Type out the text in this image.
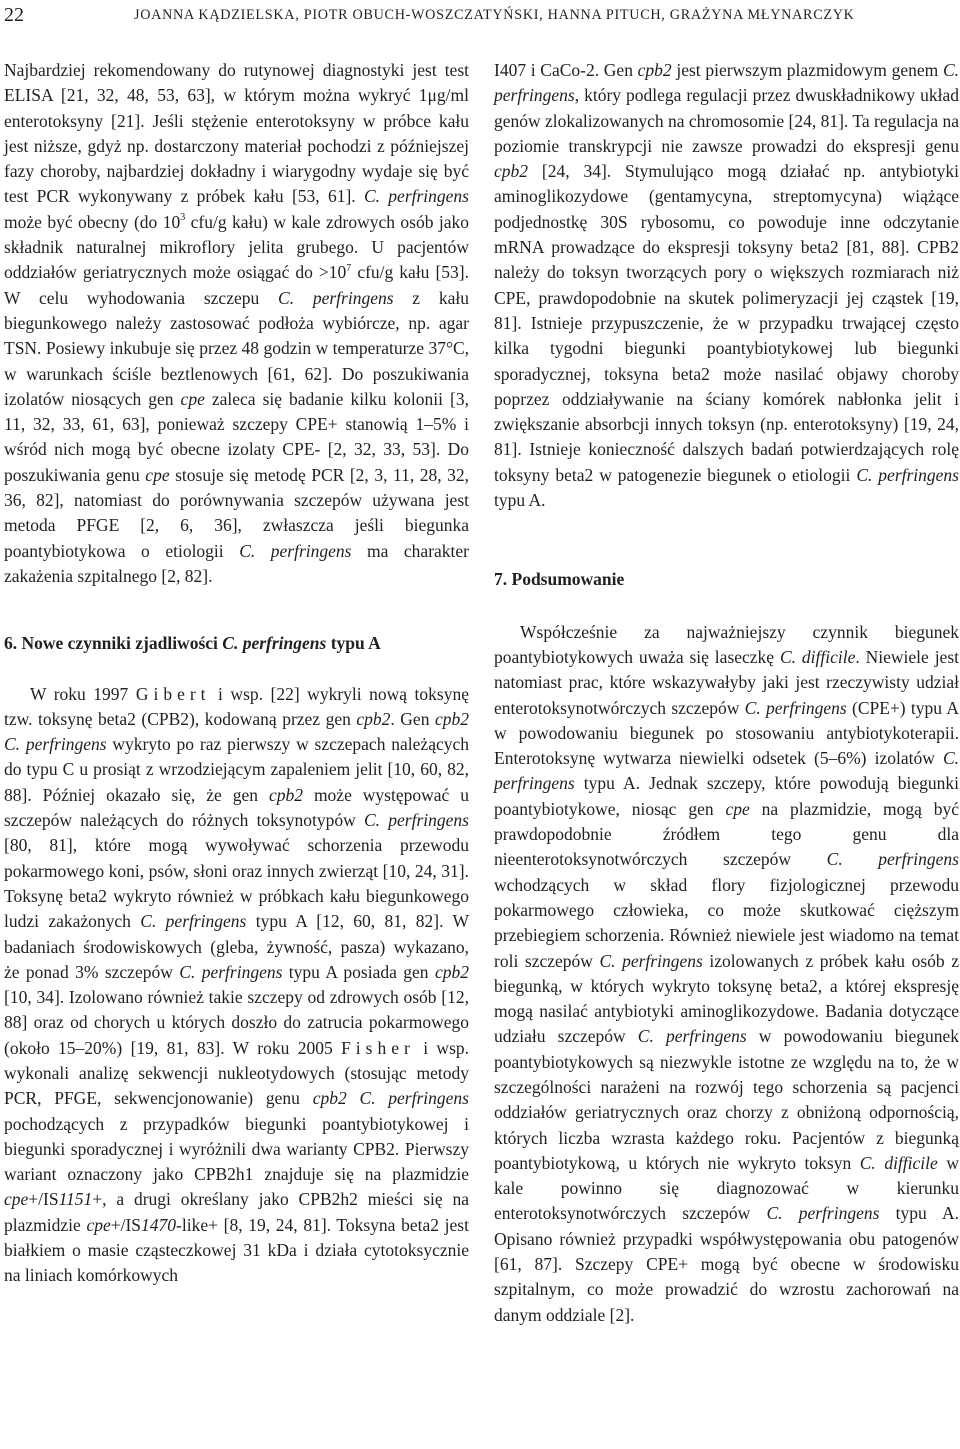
22	JOANNA KĄDZIELSKA, PIOTR OBUCH-WOSZCZATYŃSKI, HANNA PITUCH, GRAŻYNA MŁYNARCZYK

Najbardziej rekomendowany do rutynowej diagnostyki jest test ELISA [21, 32, 48, 53, 63], w którym można wykryć 1μg/ml enterotoksyny [21]. Jeśli stężenie enterotoksyny w próbce kału jest niższe, gdyż np. dostarczony materiał pochodzi z późniejszej fazy choroby, najbardziej dokładny i wiarygodny wydaje się być test PCR wykonywany z próbek kału [53, 61]. C. perfringens może być obecny (do $10^3$ cfu/g kału) w kale zdrowych osób jako składnik naturalnej mikroflory jelita grubego. U pacjentów oddziałów geriatrycznych może osiągać do $>10^7$ cfu/g kału [53]. W celu wyhodowania szczepu C. perfringens z kału biegunkowego należy zastosować podłoża wybiórcze, np. agar TSN. Posiewy inkubuje się przez 48 godzin w temperaturze 37°C, w warunkach ściśle beztlenowych [61, 62]. Do poszukiwania izolatów niosących gen cpe zaleca się badanie kilku kolonii [3, 11, 32, 33, 61, 63], ponieważ szczepy CPE+ stanowią 1–5% i wśród nich mogą być obecne izolaty CPE- [2, 32, 33, 53]. Do poszukiwania genu cpe stosuje się metodę PCR [2, 3, 11, 28, 32, 36, 82], natomiast do porównywania szczepów używana jest metoda PFGE [2, 6, 36], zwłaszcza jeśli biegunka poantybiotykowa o etiologii C. perfringens ma charakter zakażenia szpitalnego [2, 82].

6. Nowe czynniki zjadliwości C. perfringens typu A

W roku 1997 Gibert i wsp. [22] wykryli nową toksynę tzw. toksynę beta2 (CPB2), kodowaną przez gen cpb2. Gen cpb2 C. perfringens wykryto po raz pierwszy w szczepach należących do typu C u prosiąt z wrzodziejącym zapaleniem jelit [10, 60, 82, 88]. Później okazało się, że gen cpb2 może występować u szczepów należących do różnych toksynotypów C. perfringens [80, 81], które mogą wywoływać schorzenia przewodu pokarmowego koni, psów, słoni oraz innych zwierząt [10, 24, 31]. Toksynę beta2 wykryto również w próbkach kału biegunkowego ludzi zakażonych C. perfringens typu A [12, 60, 81, 82]. W badaniach środowiskowych (gleba, żywność, pasza) wykazano, że ponad 3% szczepów C. perfringens typu A posiada gen cpb2 [10, 34]. Izolowano również takie szczepy od zdrowych osób [12, 88] oraz od chorych u których doszło do zatrucia pokarmowego (około 15–20%) [19, 81, 83]. W roku 2005 Fisher i wsp. wykonali analizę sekwencji nukleotydowych (stosując metody PCR, PFGE, sekwencjonowanie) genu cpb2 C. perfringens pochodzących z przypadków biegunki poantybiotykowej i biegunki sporadycznej i wyróżnili dwa warianty CPB2. Pierwszy wariant oznaczony jako CPB2h1 znajduje się na plazmidzie cpe+/IS1151+, a drugi określany jako CPB2h2 mieści się na plazmidzie cpe+/IS1470-like+ [8, 19, 24, 81]. Toksyna beta2 jest białkiem o masie cząsteczkowej 31 kDa i działa cytotoksycznie na liniach komórkowych

I407 i CaCo-2. Gen cpb2 jest pierwszym plazmidowym genem C. perfringens, który podlega regulacji przez dwuskładnikowy układ genów zlokalizowanych na chromosomie [24, 81]. Ta regulacja na poziomie transkrypcji nie zawsze prowadzi do ekspresji genu cpb2 [24, 34]. Stymulująco mogą działać np. antybiotyki aminoglikozydowe (gentamycyna, streptomycyna) wiążące podjednostkę 30S rybosomu, co powoduje inne odczytanie mRNA prowadzące do ekspresji toksyny beta2 [81, 88]. CPB2 należy do toksyn tworzących pory o większych rozmiarach niż CPE, prawdopodobnie na skutek polimeryzacji jej cząstek [19, 81]. Istnieje przypuszczenie, że w przypadku trwającej często kilka tygodni biegunki poantybiotykowej lub biegunki sporadycznej, toksyna beta2 może nasilać objawy choroby poprzez oddziaływanie na ściany komórek nabłonka jelit i zwiększanie absorbcji innych toksyn (np. enterotoksyny) [19, 24, 81]. Istnieje konieczność dalszych badań potwierdzających rolę toksyny beta2 w patogenezie biegunek o etiologii C. perfringens typu A.

7. Podsumowanie

Współcześnie za najważniejszy czynnik biegunek poantybiotykowych uważa się laseczkę C. difficile. Niewiele jest natomiast prac, które wskazywałyby jaki jest rzeczywisty udział enterotoksynotwórczych szczepów C. perfringens (CPE+) typu A w powodowaniu biegunek po stosowaniu antybiotykoterapii. Enterotoksynę wytwarza niewielki odsetek (5–6%) izolatów C. perfringens typu A. Jednak szczepy, które powodują biegunki poantybiotykowe, niosąc gen cpe na plazmidzie, mogą być prawdopodobnie źródłem tego genu dla nieenterotoksynotwórczych szczepów C. perfringens wchodzących w skład flory fizjologicznej przewodu pokarmowego człowieka, co może skutkować cięższym przebiegiem schorzenia. Również niewiele jest wiadomo na temat roli szczepów C. perfringens izolowanych z próbek kału osób z biegunką, w których wykryto toksynę beta2, a której ekspresję mogą nasilać antybiotyki aminoglikozydowe. Badania dotyczące udziału szczepów C. perfringens w powodowaniu biegunek poantybiotykowych są niezwykle istotne ze względu na to, że w szczególności narażeni na rozwój tego schorzenia są pacjenci oddziałów geriatrycznych oraz chorzy z obniżoną odpornością, których liczba wzrasta każdego roku. Pacjentów z biegunką poantybiotykową, u których nie wykryto toksyn C. difficile w kale powinno się diagnozować w kierunku enterotoksynotwórczych szczepów C. perfringens typu A. Opisano również przypadki współwystępowania obu patogenów [61, 87]. Szczepy CPE+ mogą być obecne w środowisku szpitalnym, co może prowadzić do wzrostu zachorowań na danym oddziale [2].
